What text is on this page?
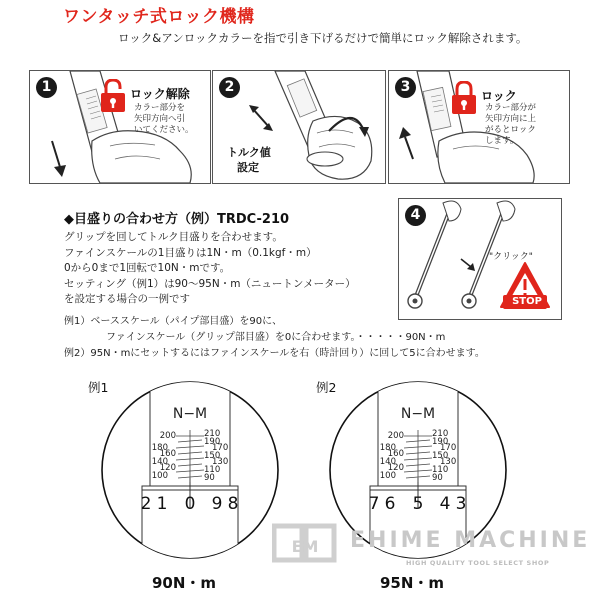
ワンタッチ式ロック機構
ロック&アンロックカラーを指で引き下げるだけで簡単にロック解除されます。
1	ロック解除
カラー部分を
矢印方向へ引
いてください。
2
トルク値
設定
3
ロック
カラー部分が
矢印方向に上
がるとロック
します。
4
"クリック"
STOP
◆目盛りの合わせ方（例）TRDC-210
グリップを回してトルク目盛りを合わせます。
ファインスケールの1目盛りは1N・m（0.1kgf・m）
0から0まで1回転で10N・mです。
セッティング（例1）は90〜95N・m（ニュートンメーター）
を設定する場合の一例です
例1）ベーススケール（パイプ部目盛）を90に、
ファインスケール（グリップ部目盛）を0に合わせます。・・・・・90N・m
例2）95N・mにセットするにはファインスケールを右（時計回り）に回して5に合わせます。
例1
N−M
200
180
160
140
120
100
210
190
170
150
130
110
90
2 1 0 9 8
90N・m
例2
N−M
200
180
160
140
120
100
210
190
170
150
130
110
90
7 6 5 4 3
95N・m
EM EHIME MACHINE
HIGH QUALITY TOOL SELECT SHOP
